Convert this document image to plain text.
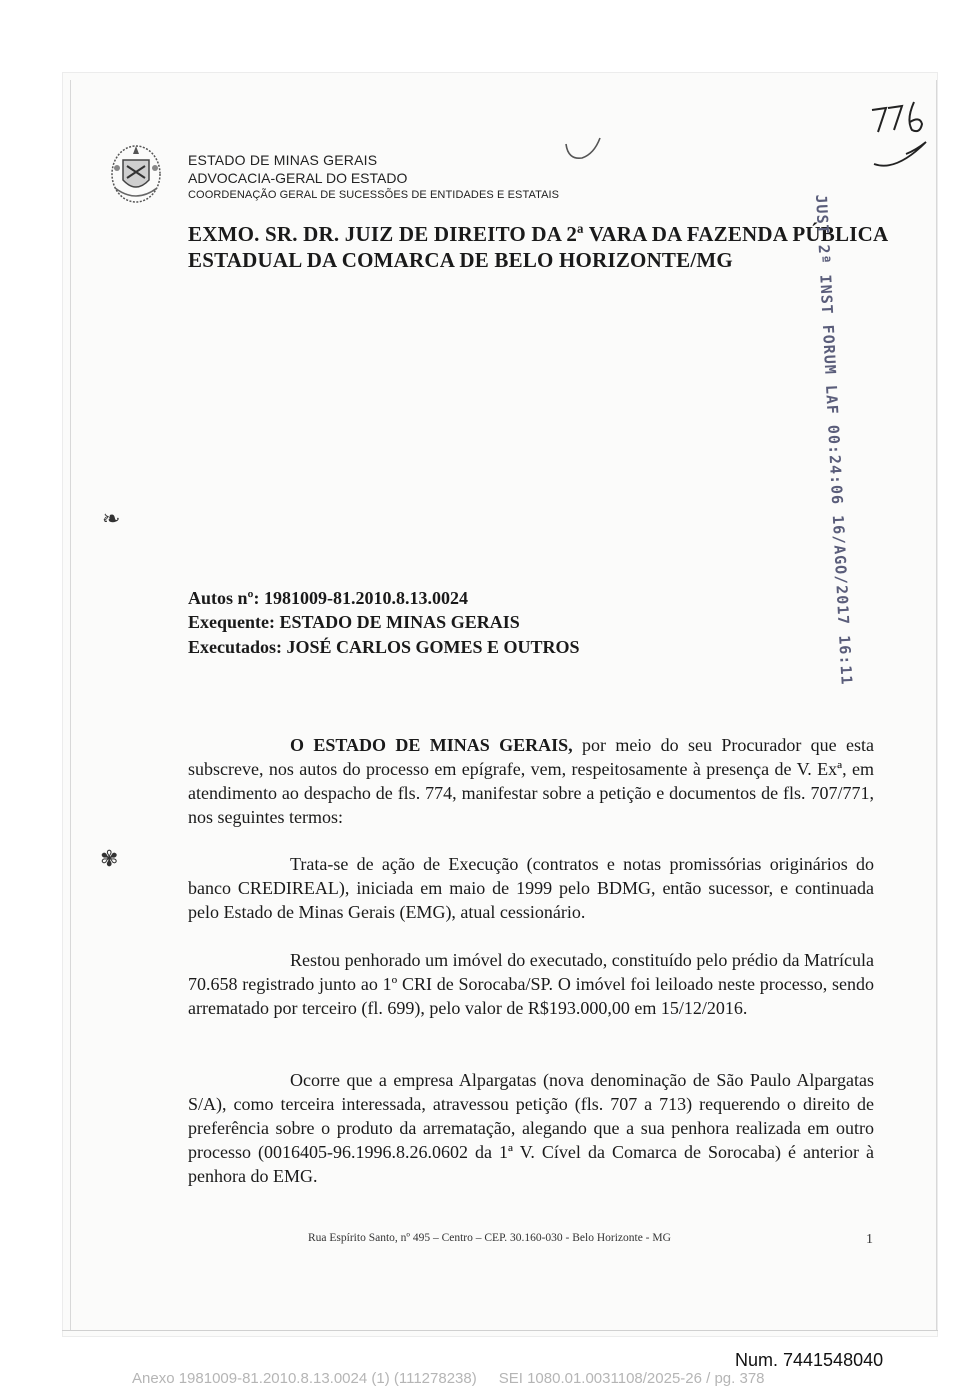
ESTADO DE MINAS GERAIS
ADVOCACIA-GERAL DO ESTADO
COORDENAÇÃO GERAL DE SUCESSÕES DE ENTIDADES E ESTATAIS
EXMO. SR. DR. JUIZ DE DIREITO DA 2ª VARA DA FAZENDA PÚBLICA
ESTADUAL DA COMARCA DE BELO HORIZONTE/MG	JUST 2ª INST FORUM LAF 00:24:06 16/AGO/2017 16:11
❧
✾
Autos nº: 1981009-81.2010.8.13.0024
Exequente: ESTADO DE MINAS GERAIS
Executados: JOSÉ CARLOS GOMES E OUTROS

O ESTADO DE MINAS GERAIS, por meio do seu Procurador que esta subscreve, nos autos do processo em epígrafe, vem, respeitosamente à presença de V. Exª, em atendimento ao despacho de fls. 774, manifestar sobre a petição e documentos de fls. 707/771, nos seguintes termos:

Trata-se de ação de Execução (contratos e notas promissórias originários do banco CREDIREAL), iniciada em maio de 1999 pelo BDMG, então sucessor, e continuada pelo Estado de Minas Gerais (EMG), atual cessionário.

Restou penhorado um imóvel do executado, constituído pelo prédio da Matrícula 70.658 registrado junto ao 1º CRI de Sorocaba/SP. O imóvel foi leiloado neste processo, sendo arrematado por terceiro (fl. 699), pelo valor de R$193.000,00 em 15/12/2016.

Ocorre que a empresa Alpargatas (nova denominação de São Paulo Alpargatas S/A), como terceira interessada, atravessou petição (fls. 707 a 713) requerendo o direito de preferência sobre o produto da arrematação, alegando que a sua penhora realizada em outro processo (0016405-96.1996.8.26.0602 da 1ª V. Cível da Comarca de Sorocaba) é anterior à penhora do EMG.

Rua Espírito Santo, nº 495 – Centro – CEP. 30.160-030 - Belo Horizonte - MG	1
Num. 7441548040
Anexo 1981009-81.2010.8.13.0024 (1) (111278238) SEI 1080.01.0031108/2025-26 / pg. 378
